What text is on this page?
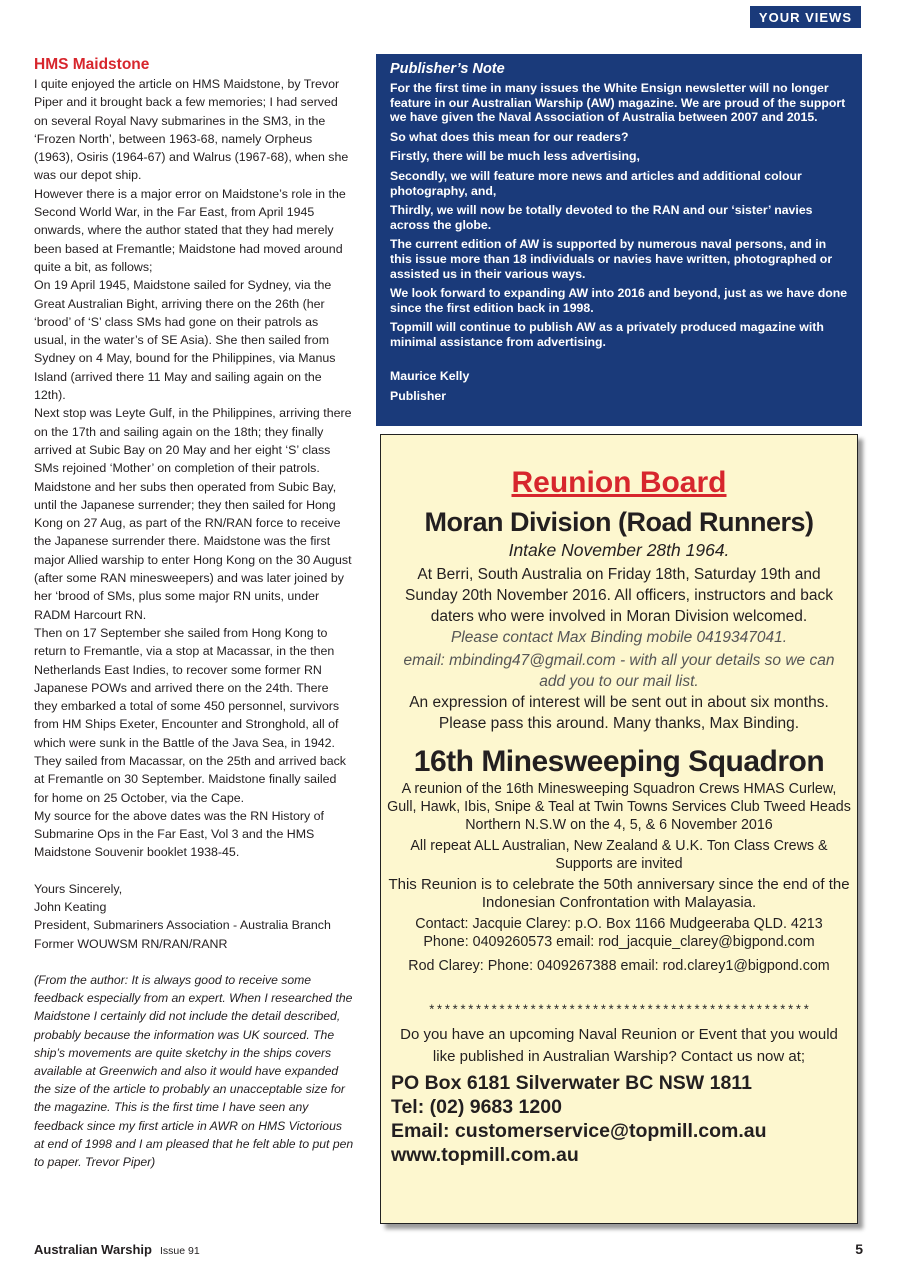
YOUR VIEWS
HMS Maidstone

I quite enjoyed the article on HMS Maidstone, by Trevor Piper and it brought back a few memories; I had served on several Royal Navy submarines in the SM3, in the ‘Frozen North’, between 1963-68, namely Orpheus (1963), Osiris (1964-67) and Walrus (1967-68), when she was our depot ship.

However there is a major error on Maidstone’s role in the Second World War, in the Far East, from April 1945 onwards, where the author stated that they had merely been based at Fremantle; Maidstone had moved around quite a bit, as follows;

On 19 April 1945, Maidstone sailed for Sydney, via the Great Australian Bight, arriving there on the 26th (her ‘brood’ of ‘S’ class SMs had gone on their patrols as usual, in the water’s of SE Asia). She then sailed from Sydney on 4 May, bound for the Philippines, via Manus Island (arrived there 11 May and sailing again on the 12th).

Next stop was Leyte Gulf, in the Philippines, arriving there on the 17th and sailing again on the 18th; they finally arrived at Subic Bay on 20 May and her eight ‘S’ class SMs rejoined ‘Mother’ on completion of their patrols.

Maidstone and her subs then operated from Subic Bay, until the Japanese surrender; they then sailed for Hong Kong on 27 Aug, as part of the RN/RAN force to receive the Japanese surrender there. Maidstone was the first major Allied warship to enter Hong Kong on the 30 August (after some RAN minesweepers) and was later joined by her ‘brood of SMs, plus some major RN units, under RADM Harcourt RN.

Then on 17 September she sailed from Hong Kong to return to Fremantle, via a stop at Macassar, in the then Netherlands East Indies, to recover some former RN Japanese POWs and arrived there on the 24th. There they embarked a total of some 450 personnel, survivors from HM Ships Exeter, Encounter and Stronghold, all of which were sunk in the Battle of the Java Sea, in 1942.

They sailed from Macassar, on the 25th and arrived back at Fremantle on 30 September. Maidstone finally sailed for home on 25 October, via the Cape.

My source for the above dates was the RN History of Submarine Ops in the Far East, Vol 3 and the HMS Maidstone Souvenir booklet 1938-45.

Yours Sincerely,

John Keating

President, Submariners Association - Australia Branch

Former WOUWSM RN/RAN/RANR

(From the author: It is always good to receive some feedback especially from an expert. When I researched the Maidstone I certainly did not include the detail described, probably because the information was UK sourced. The ship’s movements are quite sketchy in the ships covers available at Greenwich and also it would have expanded the size of the article to probably an unacceptable size for the magazine. This is the first time I have seen any feedback since my first article in AWR on HMS Victorious at end of 1998 and I am pleased that he felt able to put pen to paper. Trevor Piper)

Publisher’s Note

For the first time in many issues the White Ensign newsletter will no longer feature in our Australian Warship (AW) magazine. We are proud of the support we have given the Naval Association of Australia between 2007 and 2015.

So what does this mean for our readers?

Firstly, there will be much less advertising,

Secondly, we will feature more news and articles and additional colour photography, and,

Thirdly, we will now be totally devoted to the RAN and our ‘sister’ navies across the globe.

The current edition of AW is supported by numerous naval persons, and in this issue more than 18 individuals or navies have written, photographed or assisted us in their various ways.

We look forward to expanding AW into 2016 and beyond, just as we have done since the first edition back in 1998.

Topmill will continue to publish AW as a privately produced magazine with minimal assistance from advertising.

Maurice Kelly

Publisher

Reunion Board
Moran Division (Road Runners)
Intake November 28th 1964.
At Berri, South Australia on Friday 18th, Saturday 19th and Sunday 20th November 2016. All officers, instructors and back daters who were involved in Moran Division welcomed.
Please contact Max Binding mobile 0419347041.
email: mbinding47@gmail.com - with all your details so we can add you to our mail list.
An expression of interest will be sent out in about six months. Please pass this around. Many thanks, Max Binding.
16th Minesweeping Squadron
A reunion of the 16th Minesweeping Squadron Crews HMAS Curlew, Gull, Hawk, Ibis, Snipe & Teal at Twin Towns Services Club Tweed Heads Northern N.S.W on the 4, 5, & 6 November 2016
All repeat ALL Australian, New Zealand & U.K. Ton Class Crews & Supports are invited
This Reunion is to celebrate the 50th anniversary since the end of the Indonesian Confrontation with Malayasia.
Contact: Jacquie Clarey: p.O. Box 1166 Mudgeeraba QLD. 4213
Phone: 0409260573 email: rod_jacquie_clarey@bigpond.com
Rod Clarey: Phone: 0409267388 email: rod.clarey1@bigpond.com
*************************************************
Do you have an upcoming Naval Reunion or Event that you would like published in Australian Warship? Contact us now at;
PO Box 6181 Silverwater BC NSW 1811
Tel: (02) 9683 1200
Email: customerservice@topmill.com.au
www.topmill.com.au
Australian Warship Issue 91	5
